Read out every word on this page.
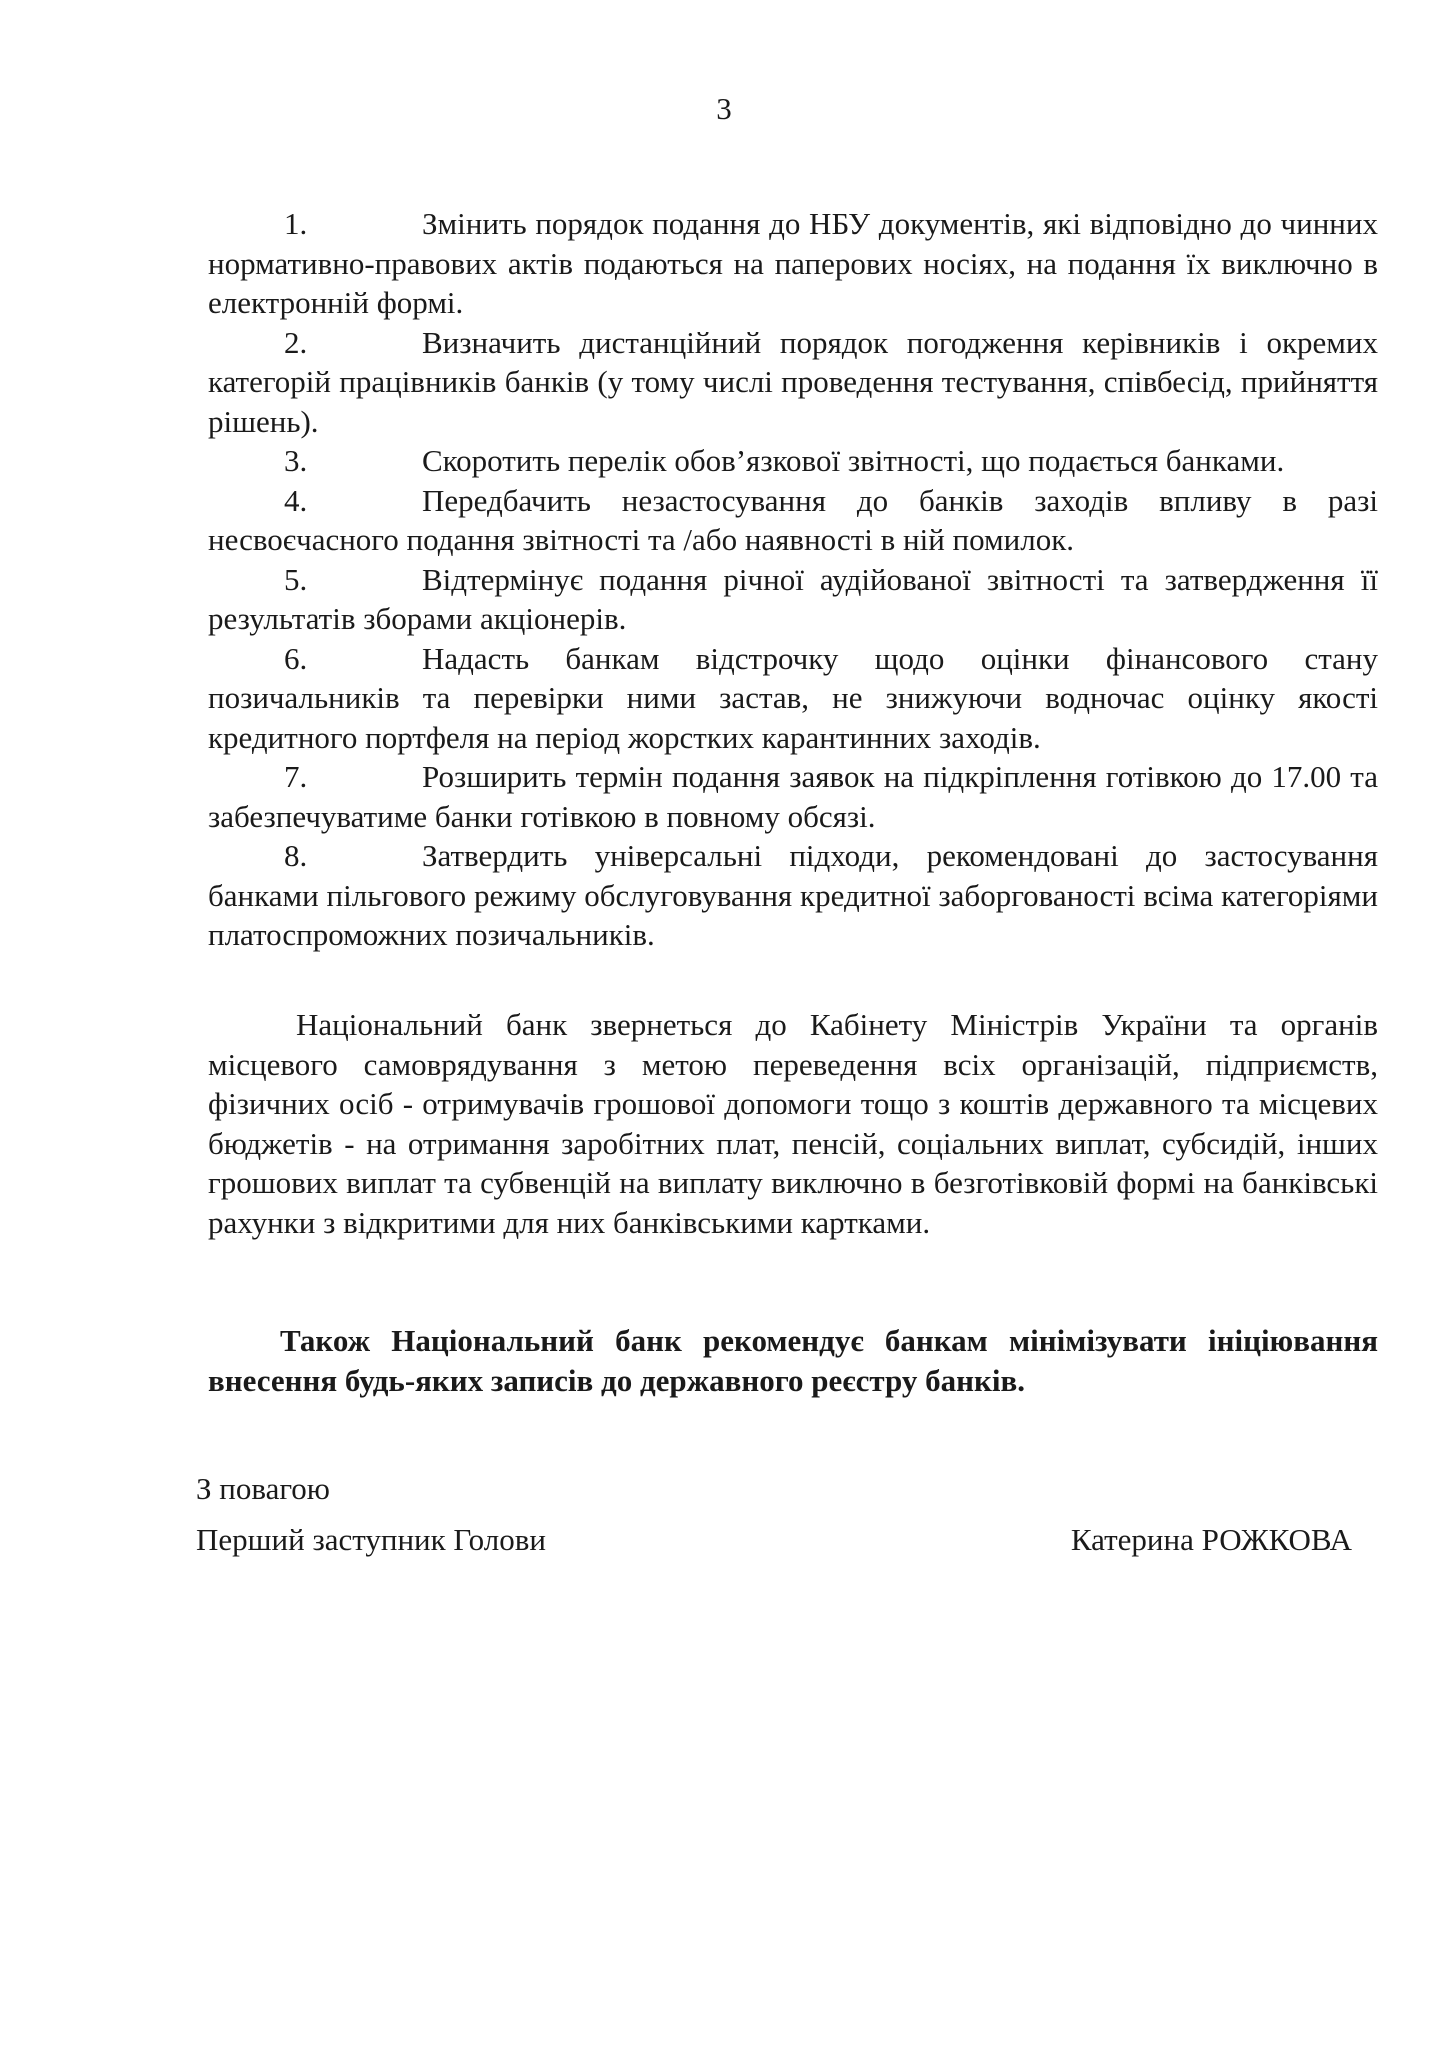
3
1.	Змінить порядок подання до НБУ документів, які відповідно до чинних нормативно-правових актів подаються на паперових носіях, на подання їх виключно в електронній формі.
2.	Визначить дистанційний порядок погодження керівників і окремих категорій працівників банків (у тому числі проведення тестування, співбесід, прийняття рішень).
3.	Скоротить перелік обов’язкової звітності, що подається банками.
4.	Передбачить незастосування до банків заходів впливу в разі несвоєчасного подання звітності та /або наявності в ній помилок.
5.	Відтермінує подання річної аудійованої звітності та затвердження її результатів зборами акціонерів.
6.	Надасть банкам відстрочку щодо оцінки фінансового стану позичальників та перевірки ними застав, не знижуючи водночас оцінку якості кредитного портфеля на період жорстких карантинних заходів.
7.	Розширить термін подання заявок на підкріплення готівкою до 17.00 та забезпечуватиме банки готівкою в повному обсязі.
8.	Затвердить універсальні підходи, рекомендовані до застосування банками пільгового режиму обслуговування кредитної заборгованості всіма категоріями платоспроможних позичальників.

Національний банк звернеться до Кабінету Міністрів України та органів місцевого самоврядування з метою переведення всіх організацій, підприємств, фізичних осіб - отримувачів грошової допомоги тощо з коштів державного та місцевих бюджетів - на отримання заробітних плат, пенсій, соціальних виплат, субсидій, інших грошових виплат та субвенцій на виплату виключно в безготівковій формі на банківські рахунки з відкритими для них банківськими картками.

Також Національний банк рекомендує банкам мінімізувати ініціювання внесення будь-яких записів до державного реєстру банків.

З повагою

Перший заступник Голови	Катерина РОЖКОВА
